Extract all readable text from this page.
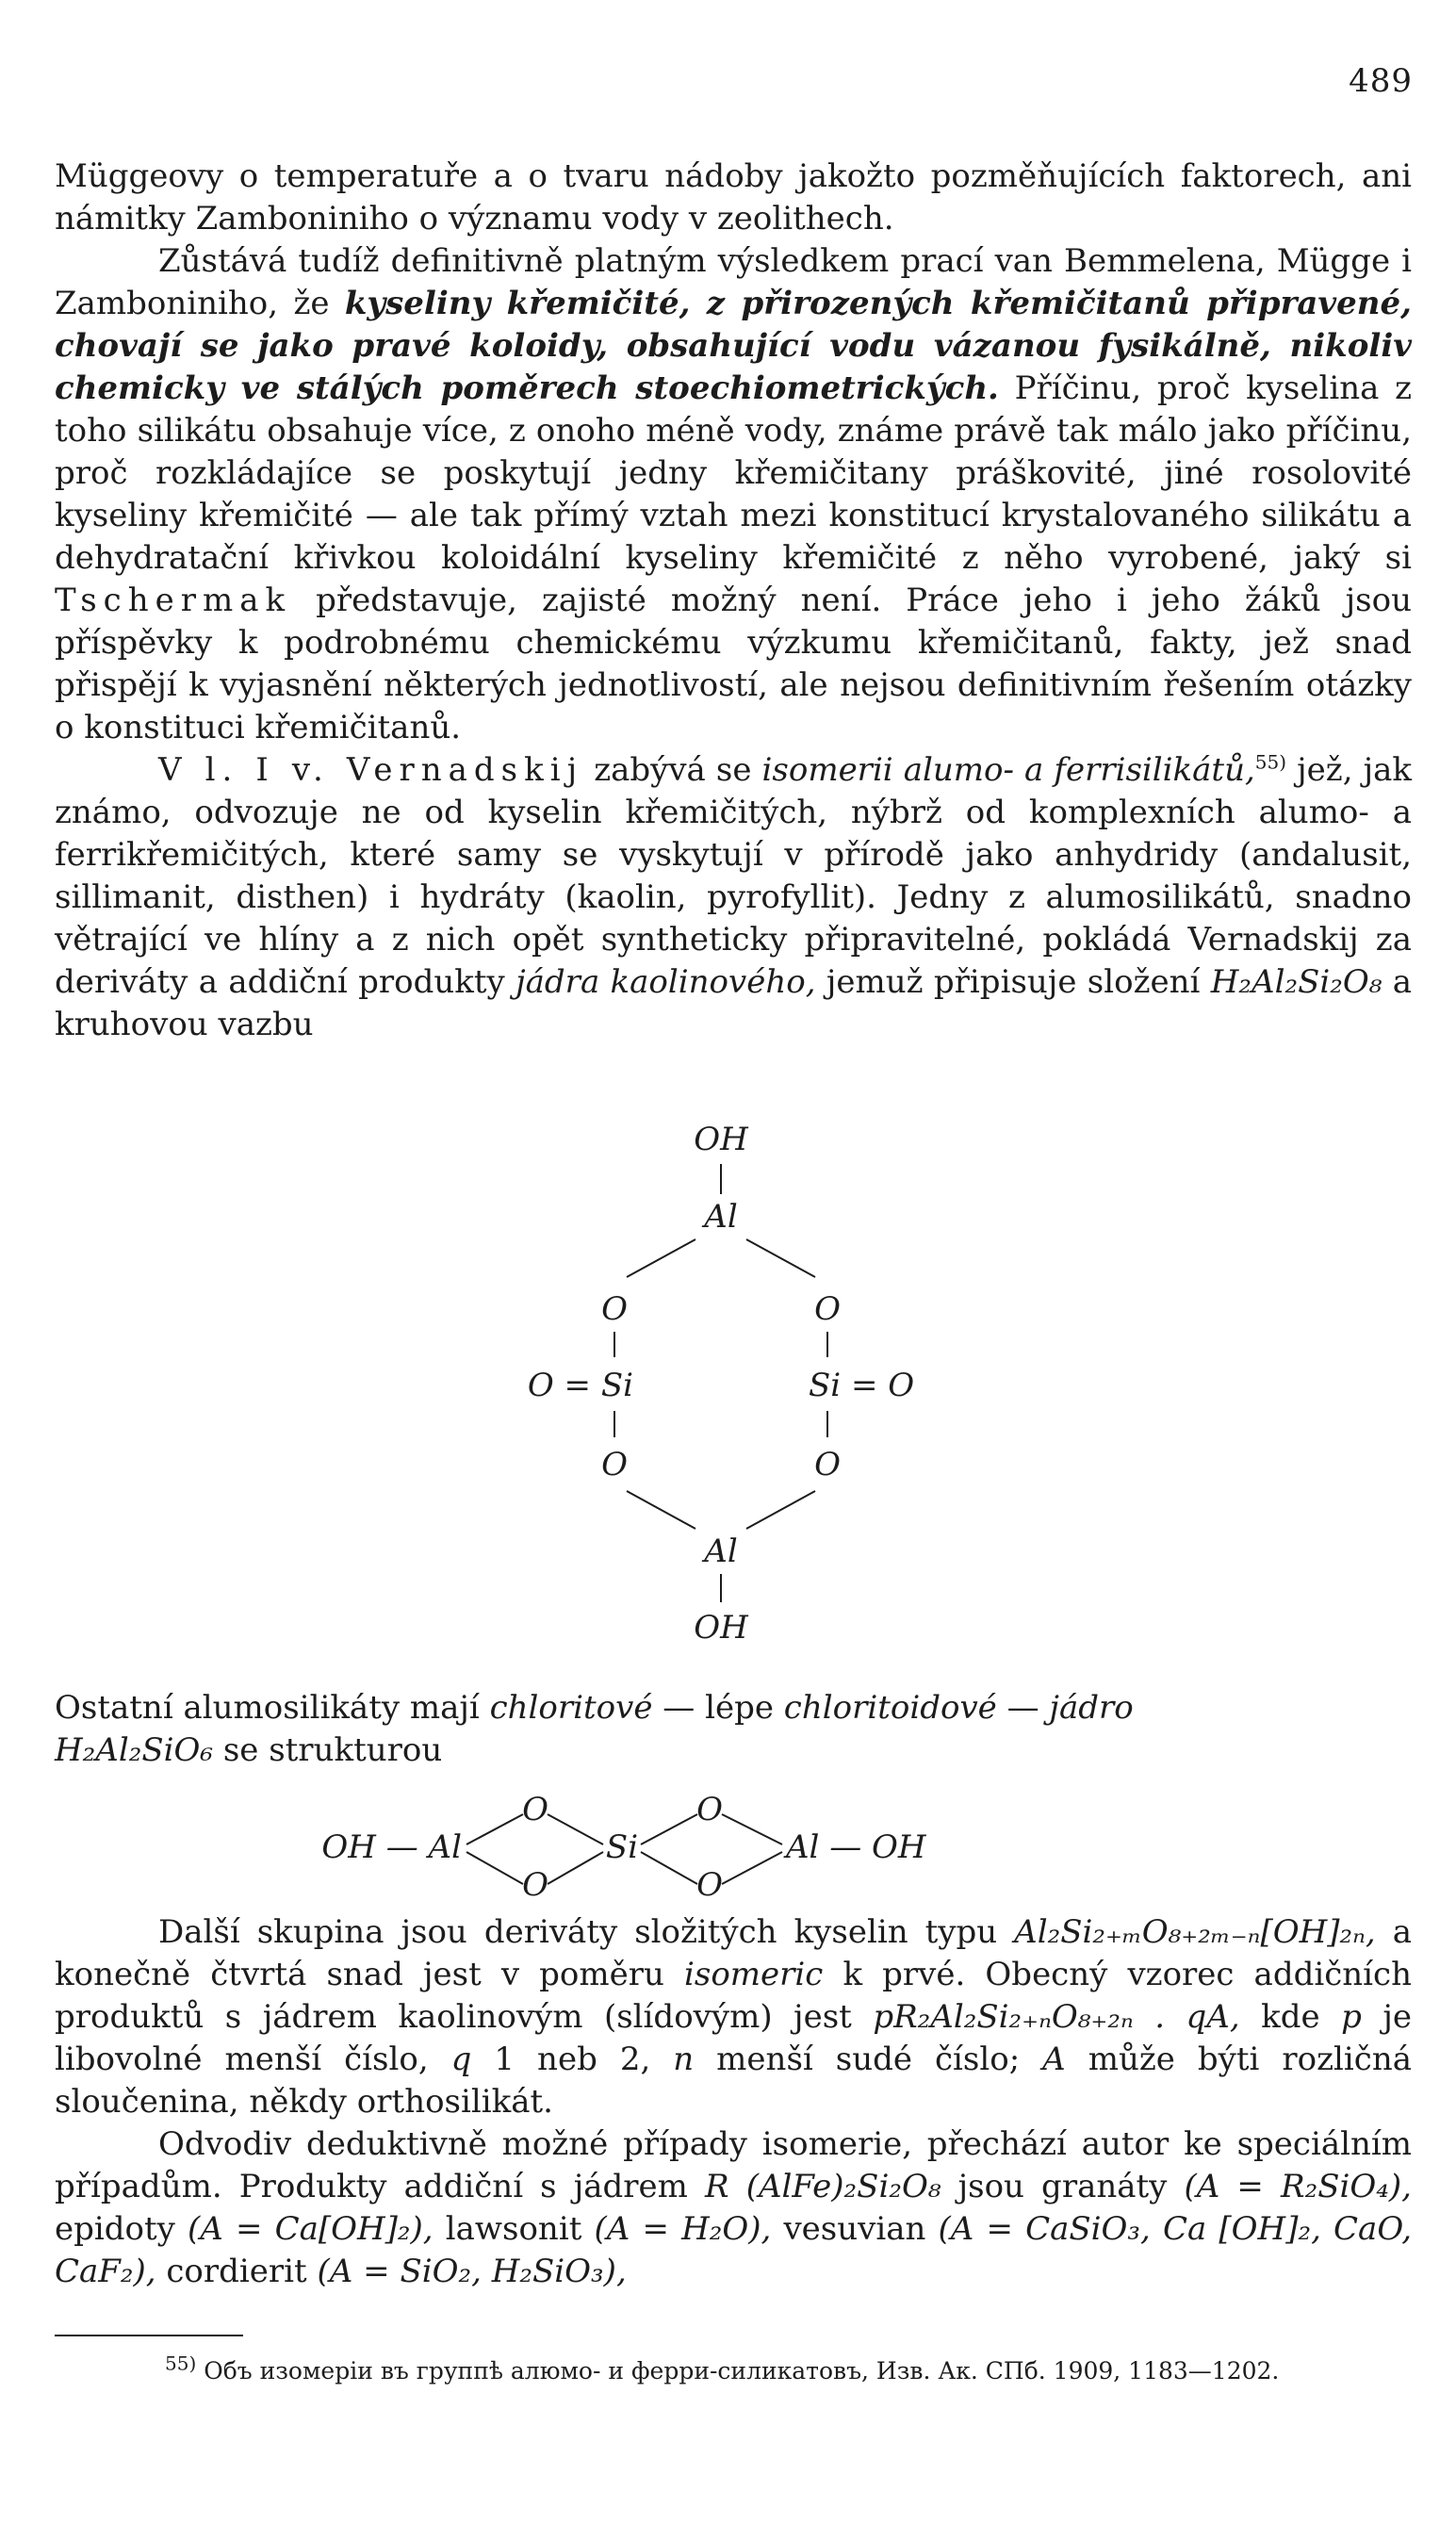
489

Müggeovy o temperatuře a o tvaru nádoby jakožto pozměňujících faktorech, ani námitky Zamboniniho o významu vody v zeolithech.

Zůstává tudíž definitivně platným výsledkem prací van Bemmelena, Mügge i Zamboniniho, že kyseliny křemičité, z přirozených křemičitanů připravené, chovají se jako pravé koloidy, obsahující vodu vázanou fysikálně, nikoliv chemicky ve stálých poměrech stoechiometrických. Příčinu, proč kyselina z toho silikátu obsahuje více, z onoho méně vody, známe právě tak málo jako příčinu, proč rozkládajíce se poskytují jedny křemičitany práškovité, jiné rosolovité kyseliny křemičité — ale tak přímý vztah mezi konstitucí krystalovaného silikátu a dehydratační křivkou koloidální kyseliny křemičité z něho vyrobené, jaký si Tschermak představuje, zajisté možný není. Práce jeho i jeho žáků jsou příspěvky k podrobnému chemickému výzkumu křemičitanů, fakty, jež snad přispějí k vyjasnění některých jednotlivostí, ale nejsou definitivním řešením otázky o konstituci křemičitanů.

V l. I v. Vernadskij zabývá se isomerii alumo- a ferrisilikátů,$^{55)}$ jež, jak známo, odvozuje ne od kyselin křemičitých, nýbrž od komplexních alumo- a ferrikřemičitých, které samy se vyskytují v přírodě jako anhydridy (andalusit, sillimanit, disthen) i hydráty (kaolin, pyrofyllit). Jedny z alumosilikátů, snadno větrající ve hlíny a z nich opět syntheticky připravitelné, pokládá Vernadskij za deriváty a addiční produkty jádra kaolinového, jemuž připisuje složení H₂Al₂Si₂O₈ a kruhovou vazbu

OH
Al
O	O
O = Si	Si = O
O	O
Al
OH

Ostatní alumosilikáty mají chloritové — lépe chloritoidové — jádro
H₂Al₂SiO₆ se strukturou

OH — Al
O
O
Si
O
O
Al — OH

Další skupina jsou deriváty složitých kyselin typu Al₂Si₂₊ₘO₈₊₂ₘ₋ₙ[OH]₂ₙ, a konečně čtvrtá snad jest v poměru isomeric k prvé. Obecný vzorec addičních produktů s jádrem kaolinovým (slídovým) jest pR₂Al₂Si₂₊ₙO₈₊₂ₙ . qA, kde p je libovolné menší číslo, q 1 neb 2, n menší sudé číslo; A může býti rozličná sloučenina, někdy orthosilikát.

Odvodiv deduktivně možné případy isomerie, přechází autor ke speciálním případům. Produkty addiční s jádrem R (AlFe)₂Si₂O₈ jsou granáty (A = R₂SiO₄), epidoty (A = Ca[OH]₂), lawsonit (A = H₂O), vesuvian (A = CaSiO₃, Ca [OH]₂, CaO, CaF₂), cordierit (A = SiO₂, H₂SiO₃),

$^{55)}$ Объ изомеріи въ группѣ алюмо- и ферри-силикатовъ, Изв. Ак. СПб. 1909, 1183—1202.
